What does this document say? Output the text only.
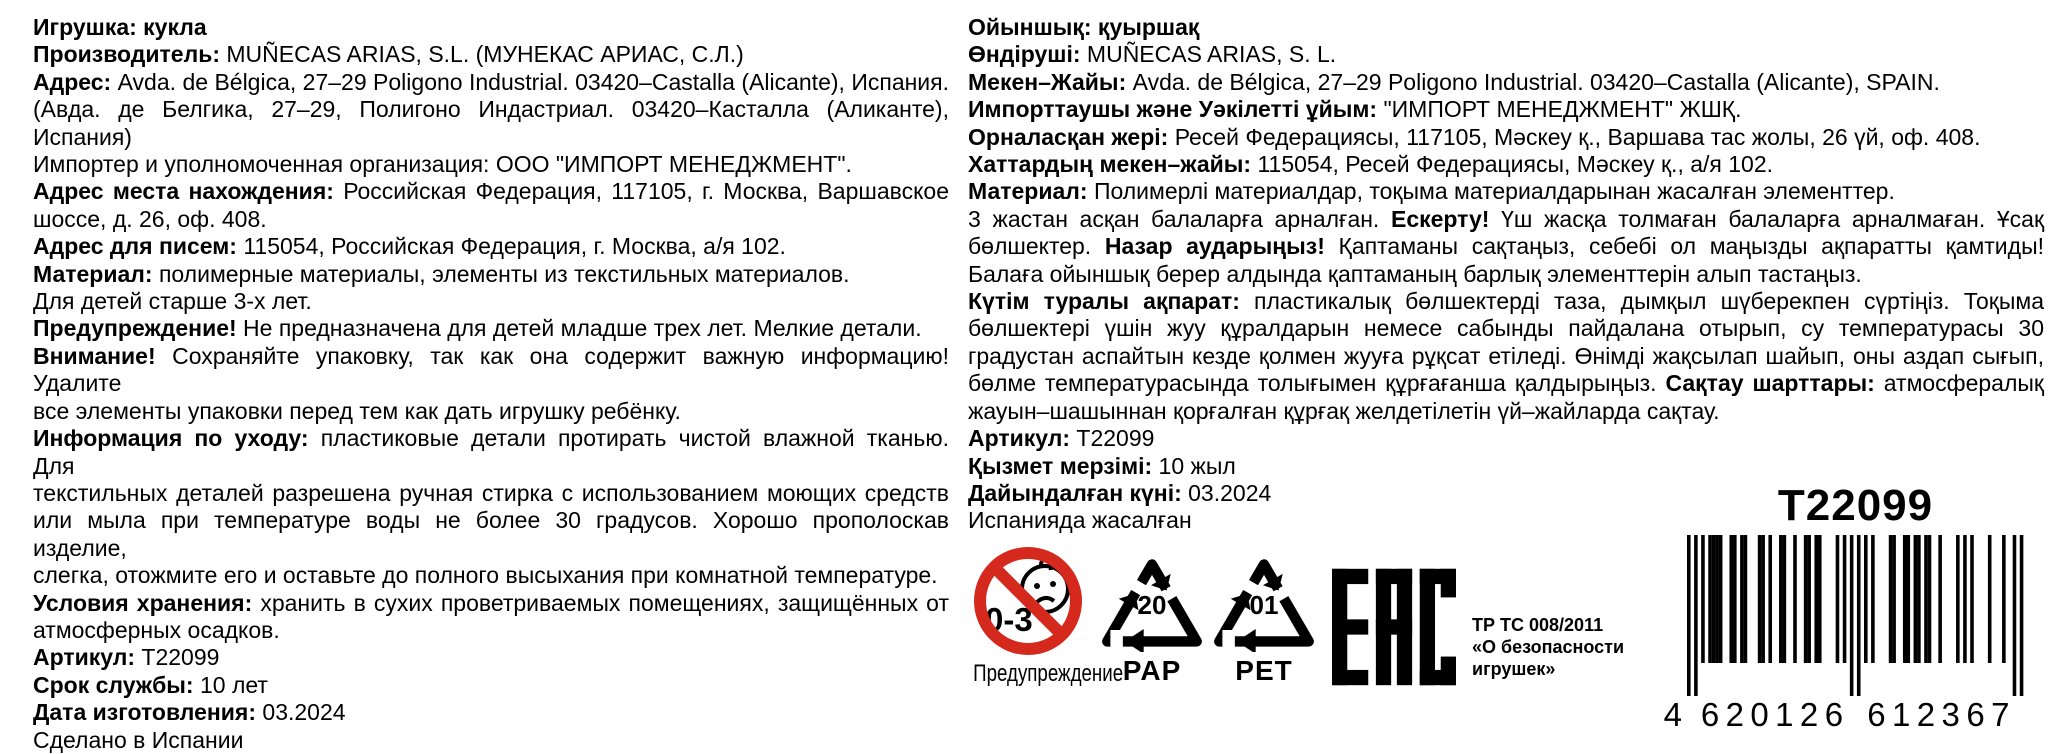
Игрушка: кукла
Производитель: MUÑECAS ARIAS, S.L. (МУНЕКАС АРИАС, С.Л.)
Адрес: Avda. de Bélgica, 27–29 Poligono Industrial. 03420–Castalla (Alicante), Испания.
(Авда. де Белгика, 27–29, Полигоно Индастриал. 03420–Касталла (Аликанте), Испания)
Импортер и уполномоченная организация: ООО "ИМПОРТ МЕНЕДЖМЕНТ".
Адрес места нахождения: Российская Федерация, 117105, г. Москва, Варшавское
шоссе, д. 26, оф. 408.
Адрес для писем: 115054, Российская Федерация, г. Москва, а/я 102.
Материал: полимерные материалы, элементы из текстильных материалов.
Для детей старше 3-х лет.
Предупреждение! Не предназначена для детей младше трех лет. Мелкие детали.
Внимание! Сохраняйте упаковку, так как она содержит важную информацию! Удалите
все элементы упаковки перед тем как дать игрушку ребёнку.
Информация по уходу: пластиковые детали протирать чистой влажной тканью. Для
текстильных деталей разрешена ручная стирка с использованием моющих средств
или мыла при температуре воды не более 30 градусов. Хорошо прополоскав изделие,
слегка, отожмите его и оставьте до полного высыхания при комнатной температуре.
Условия хранения: хранить в сухих проветриваемых помещениях, защищённых от
атмосферных осадков.
Артикул: Т22099
Срок службы: 10 лет
Дата изготовления: 03.2024
Сделано в Испании
Ойыншық: қуыршақ
Өндіруші: MUÑECAS ARIAS, S. L.
Мекен–Жайы: Avda. de Bélgica, 27–29 Poligono Industrial. 03420–Castalla (Alicante), SPAIN.
Импорттаушы және Уәкілетті ұйым: "ИМПОРТ МЕНЕДЖМЕНТ" ЖШҚ.
Орналасқан жері: Ресей Федерациясы, 117105, Мәскеу қ., Варшава тас жолы, 26 үй, оф. 408.
Хаттардың мекен–жайы: 115054, Ресей Федерациясы, Мәскеу қ., а/я 102.
Материал: Полимерлі материалдар, тоқыма материалдарынан жасалған элементтер.
3 жастан асқан балаларға арналған. Ескерту! Үш жасқа толмаған балаларға арналмаған. Ұсақ
бөлшектер. Назар аударыңыз! Қаптаманы сақтаңыз, себебі ол маңызды ақпаратты қамтиды!
Балаға ойыншық берер алдында қаптаманың барлық элементтерін алып тастаңыз.
Күтім туралы ақпарат: пластикалық бөлшектерді таза, дымқыл шүберекпен сүртіңіз. Тоқыма
бөлшектері үшін жуу құралдарын немесе сабынды пайдалана отырып, су температурасы 30
градустан аспайтын кезде қолмен жууға рұқсат етіледі. Өнімді жақсылап шайып, оны аздап сығып,
бөлме температурасында толығымен құрғағанша қалдырыңыз. Сақтау шарттары: атмосфералық
жауын–шашыннан қорғалған құрғақ желдетілетін үй–жайларда сақтау.
Артикул: Т22099
Қызмет мерзімі: 10 жыл
Дайындалған күні: 03.2024
Испанияда жасалған
0-3
Предупреждение
20
PAP
01
PET
ТР ТС 008/2011
«О безопасности
игрушек»
T22099
4 6 2 0 1 2 6 6 1 2 3 6 7
